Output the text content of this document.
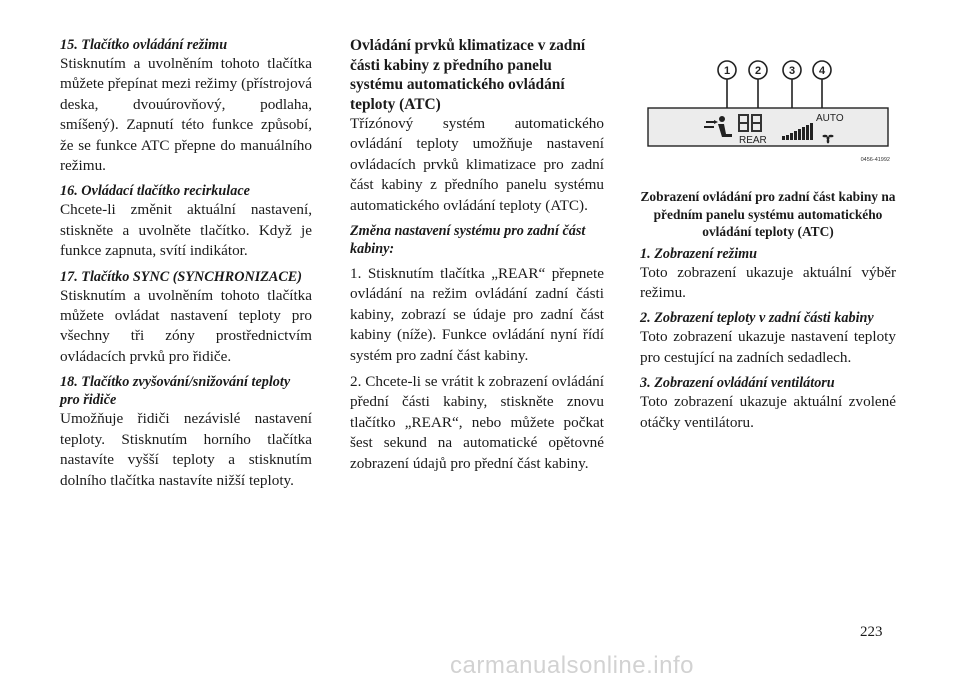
15. Tlačítko ovládání režimu

Stisknutím a uvolněním tohoto tlačítka můžete přepínat mezi režimy (přístrojová deska, dvouúrovňový, podlaha, smíšený). Zapnutí této funkce způsobí, že se funkce ATC přepne do manuálního režimu.

16. Ovládací tlačítko recirkulace

Chcete-li změnit aktuální nastavení, stiskněte a uvolněte tlačítko. Když je funkce zapnuta, svítí indikátor.

17. Tlačítko SYNC (SYNCHRONIZACE)

Stisknutím a uvolněním tohoto tlačítka můžete ovládat nastavení teploty pro všechny tři zóny prostřednictvím ovládacích prvků pro řidiče.

18. Tlačítko zvyšování/snižování teploty pro řidiče

Umožňuje řidiči nezávislé nastavení teploty. Stisknutím horního tlačítka nastavíte vyšší teploty a stisknutím dolního tlačítka nastavíte nižší teploty.

Ovládání prvků klimatizace v zadní části kabiny z předního panelu systému automatického ovládání teploty (ATC)

Třízónový systém automatického ovládání teploty umožňuje nastavení ovládacích prvků klimatizace pro zadní část kabiny z předního panelu systému automatického ovládání teploty (ATC).

Změna nastavení systému pro zadní část kabiny:

1. Stisknutím tlačítka „REAR“ přepnete ovládání na režim ovládání zadní části kabiny, zobrazí se údaje pro zadní část kabiny (níže). Funkce ovládání nyní řídí systém pro zadní část kabiny.

2. Chcete-li se vrátit k zobrazení ovládání přední části kabiny, stiskněte znovu tlačítko „REAR“, nebo můžete počkat šest sekund na automatické opětovné zobrazení údajů pro přední část kabiny.

1 2	3 4
REAR
AUTO
0456-41992

Zobrazení ovládání pro zadní část kabiny na předním panelu systému automatického ovládání teploty (ATC)

1. Zobrazení režimu

Toto zobrazení ukazuje aktuální výběr režimu.

2. Zobrazení teploty v zadní části kabiny

Toto zobrazení ukazuje nastavení teploty pro cestující na zadních sedadlech.

3. Zobrazení ovládání ventilátoru

Toto zobrazení ukazuje aktuální zvolené otáčky ventilátoru.

223
carmanualsonline.info
